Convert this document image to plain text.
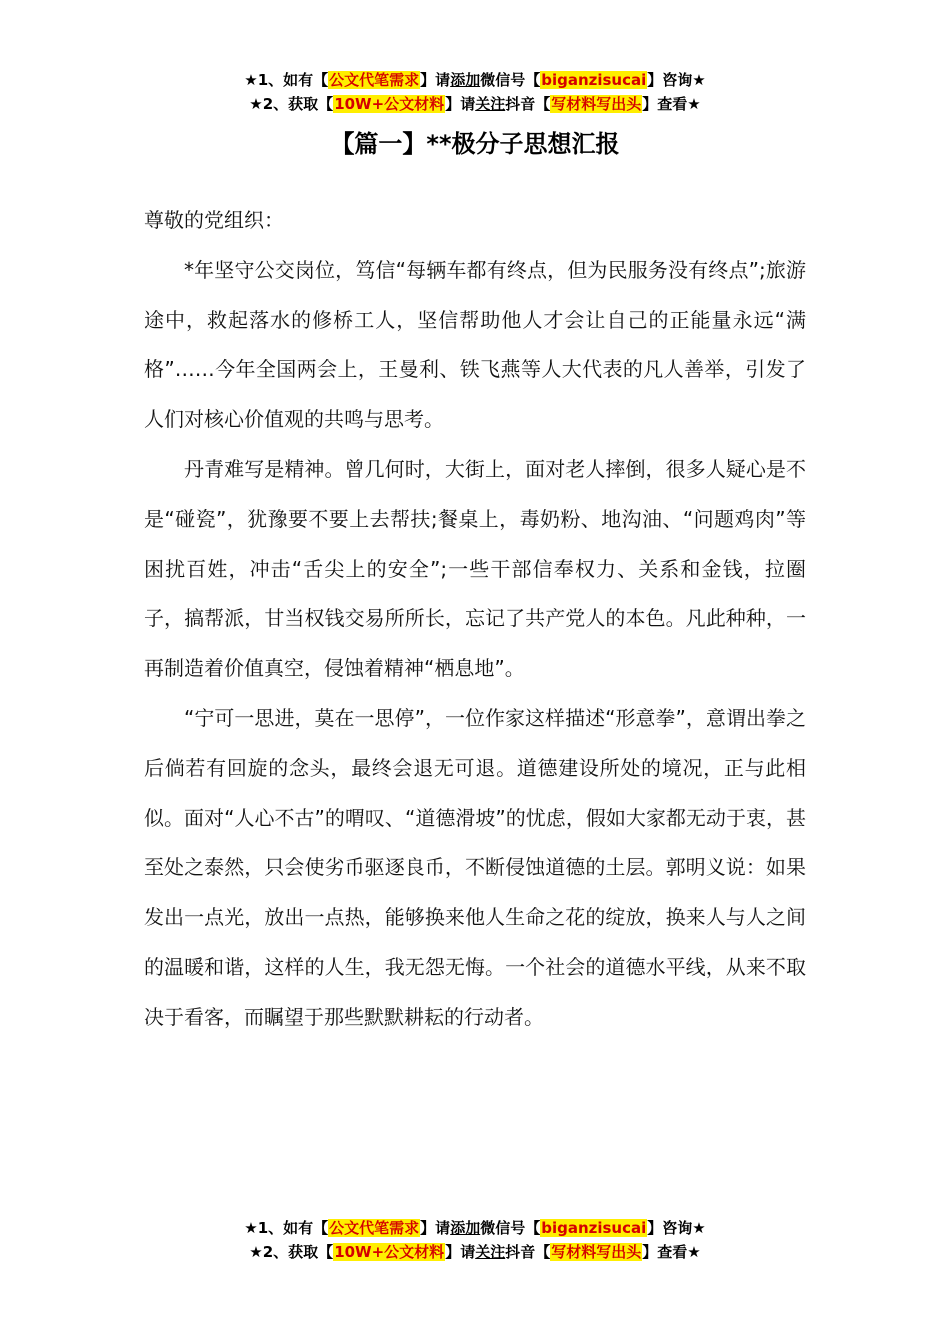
★1、如有【公文代笔需求】请添加微信号【biganzisucai】咨询★
★2、获取【10W+公文材料】请关注抖音【写材料写出头】查看★
【篇一】**极分子思想汇报

尊敬的党组织：

*年坚守公交岗位，笃信“每辆车都有终点，但为民服务没有终点”;旅游途中，救起落水的修桥工人，坚信帮助他人才会让自己的正能量永远“满格”……今年全国两会上，王曼利、铁飞燕等人大代表的凡人善举，引发了人们对核心价值观的共鸣与思考。

丹青难写是精神。曾几何时，大街上，面对老人摔倒，很多人疑心是不是“碰瓷”，犹豫要不要上去帮扶;餐桌上，毒奶粉、地沟油、“问题鸡肉”等困扰百姓，冲击“舌尖上的安全”;一些干部信奉权力、关系和金钱，拉圈子，搞帮派，甘当权钱交易所所长，忘记了共产党人的本色。凡此种种，一再制造着价值真空，侵蚀着精神“栖息地”。

“宁可一思进，莫在一思停”，一位作家这样描述“形意拳”，意谓出拳之后倘若有回旋的念头，最终会退无可退。道德建设所处的境况，正与此相似。面对“人心不古”的喟叹、“道德滑坡”的忧虑，假如大家都无动于衷，甚至处之泰然，只会使劣币驱逐良币，不断侵蚀道德的土层。郭明义说：如果发出一点光，放出一点热，能够换来他人生命之花的绽放，换来人与人之间的温暖和谐，这样的人生，我无怨无悔。一个社会的道德水平线，从来不取决于看客，而瞩望于那些默默耕耘的行动者。

★1、如有【公文代笔需求】请添加微信号【biganzisucai】咨询★
★2、获取【10W+公文材料】请关注抖音【写材料写出头】查看★
